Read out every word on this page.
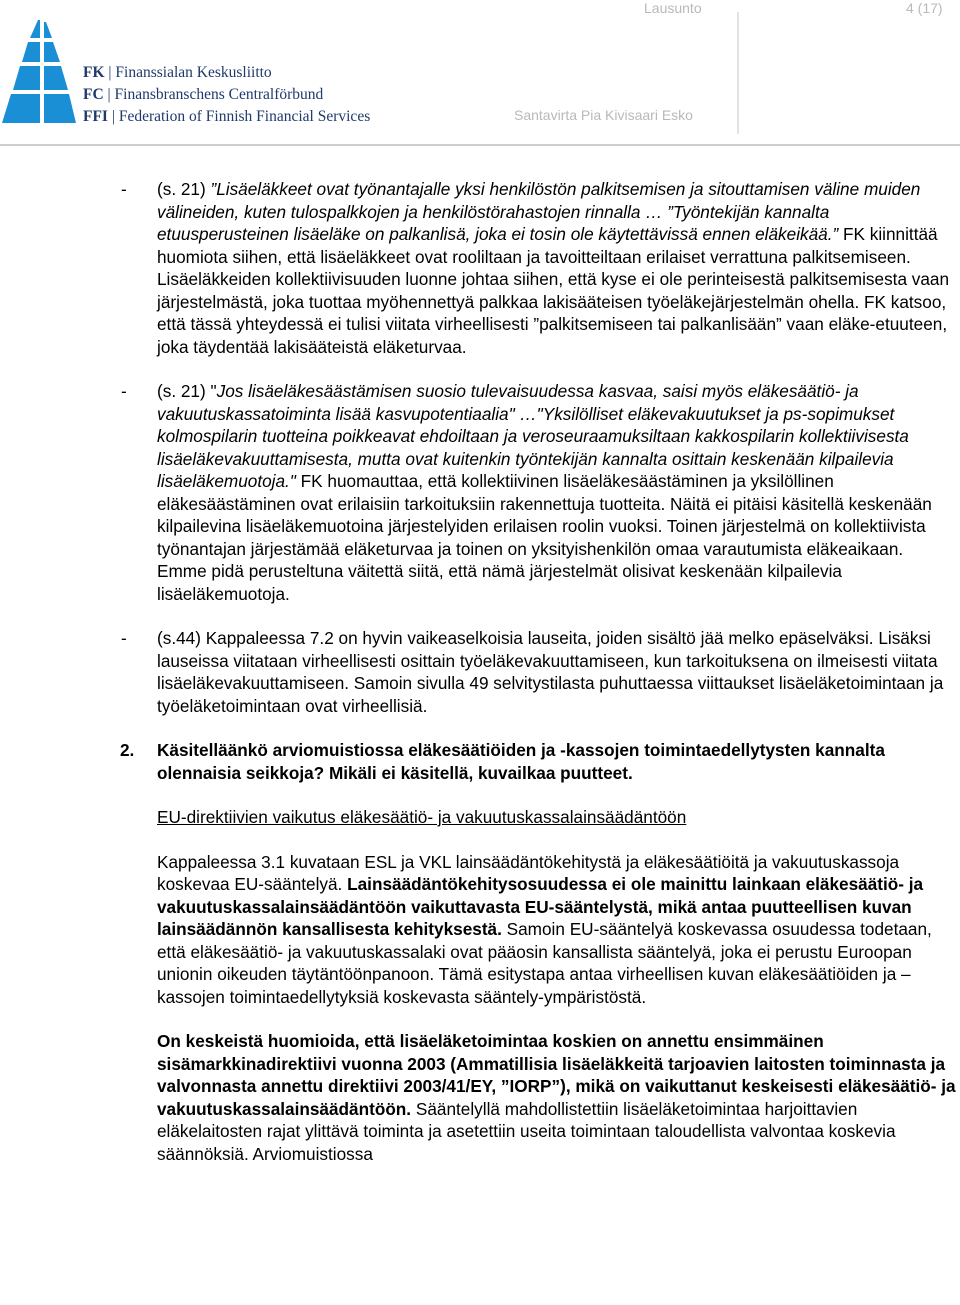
Lausunto	4 (17)
Santavirta Pia Kivisaari Esko
FK | Finanssialan Keskusliitto
FC | Finansbranschens Centralförbund
FFI | Federation of Finnish Financial Services
- (s. 21) ”Lisäeläkkeet ovat työnantajalle yksi henkilöstön palkitsemisen ja sitouttamisen väline muiden välineiden, kuten tulospalkkojen ja henkilöstörahastojen rinnalla … ”Työntekijän kannalta etuusperusteinen lisäeläke on palkanlisä, joka ei tosin ole käytettävissä ennen eläkeikää.” FK kiinnittää huomiota siihen, että lisäeläkkeet ovat rooliltaan ja tavoitteiltaan erilaiset verrattuna palkitsemiseen. Lisäeläkkeiden kollektiivisuuden luonne johtaa siihen, että kyse ei ole perinteisestä palkitsemisesta vaan järjestelmästä, joka tuottaa myöhennettyä palkkaa lakisääteisen työeläkejärjestelmän ohella. FK katsoo, että tässä yhteydessä ei tulisi viitata virheellisesti ”palkitsemiseen tai palkanlisään” vaan eläke-etuuteen, joka täydentää lakisääteistä eläketurvaa.
- (s. 21) "Jos lisäeläkesäästämisen suosio tulevaisuudessa kasvaa, saisi myös eläkesäätiö- ja vakuutuskassatoiminta lisää kasvupotentiaalia" …"Yksilölliset eläkevakuutukset ja ps-sopimukset kolmospilarin tuotteina poikkeavat ehdoiltaan ja veroseuraamuksiltaan kakkospilarin kollektiivisesta lisäeläkevakuuttamisesta, mutta ovat kuitenkin työntekijän kannalta osittain keskenään kilpailevia lisäeläkemuotoja." FK huomauttaa, että kollektiivinen lisäeläkesäästäminen ja yksilöllinen eläkesäästäminen ovat erilaisiin tarkoituksiin rakennettuja tuotteita. Näitä ei pitäisi käsitellä keskenään kilpailevina lisäeläkemuotoina järjestelyiden erilaisen roolin vuoksi. Toinen järjestelmä on kollektiivista työnantajan järjestämää eläketurvaa ja toinen on yksityishenkilön omaa varautumista eläkeaikaan. Emme pidä perusteltuna väitettä siitä, että nämä järjestelmät olisivat keskenään kilpailevia lisäeläkemuotoja.
- (s.44) Kappaleessa 7.2 on hyvin vaikeaselkoisia lauseita, joiden sisältö jää melko epäselväksi. Lisäksi lauseissa viitataan virheellisesti osittain työeläkevakuuttamiseen, kun tarkoituksena on ilmeisesti viitata lisäeläkevakuuttamiseen. Samoin sivulla 49 selvitystilasta puhuttaessa viittaukset lisäeläketoimintaan ja työeläketoimintaan ovat virheellisiä.
2. Käsitelläänkö arviomuistiossa eläkesäätiöiden ja -kassojen toimintaedellytysten kannalta olennaisia seikkoja? Mikäli ei käsitellä, kuvailkaa puutteet.
EU-direktiivien vaikutus eläkesäätiö- ja vakuutuskassalainsäädäntöön
Kappaleessa 3.1 kuvataan ESL ja VKL lainsäädäntökehitystä ja eläkesäätiöitä ja vakuutuskassoja koskevaa EU-sääntelyä. Lainsäädäntökehitysosuudessa ei ole mainittu lainkaan eläkesäätiö- ja vakuutuskassalainsäädäntöön vaikuttavasta EU-sääntelystä, mikä antaa puutteellisen kuvan lainsäädännön kansallisesta kehityksestä. Samoin EU-sääntelyä koskevassa osuudessa todetaan, että eläkesäätiö- ja vakuutuskassalaki ovat pääosin kansallista sääntelyä, joka ei perustu Euroopan unionin oikeuden täytäntöönpanoon. Tämä esitystapa antaa virheellisen kuvan eläkesäätiöiden ja –kassojen toimintaedellytyksiä koskevasta sääntely-ympäristöstä.
On keskeistä huomioida, että lisäeläketoimintaa koskien on annettu ensimmäinen sisämarkkinadirektiivi vuonna 2003 (Ammatillisia lisäeläkkeitä tarjoavien laitosten toiminnasta ja valvonnasta annettu direktiivi 2003/41/EY, ”IORP”), mikä on vaikuttanut keskeisesti eläkesäätiö- ja vakuutuskassalainsäädäntöön. Sääntelyllä mahdollistettiin lisäeläketoimintaa harjoittavien eläkelaitosten rajat ylittävä toiminta ja asetettiin useita toimintaan taloudellista valvontaa koskevia säännöksiä. Arviomuistiossa
